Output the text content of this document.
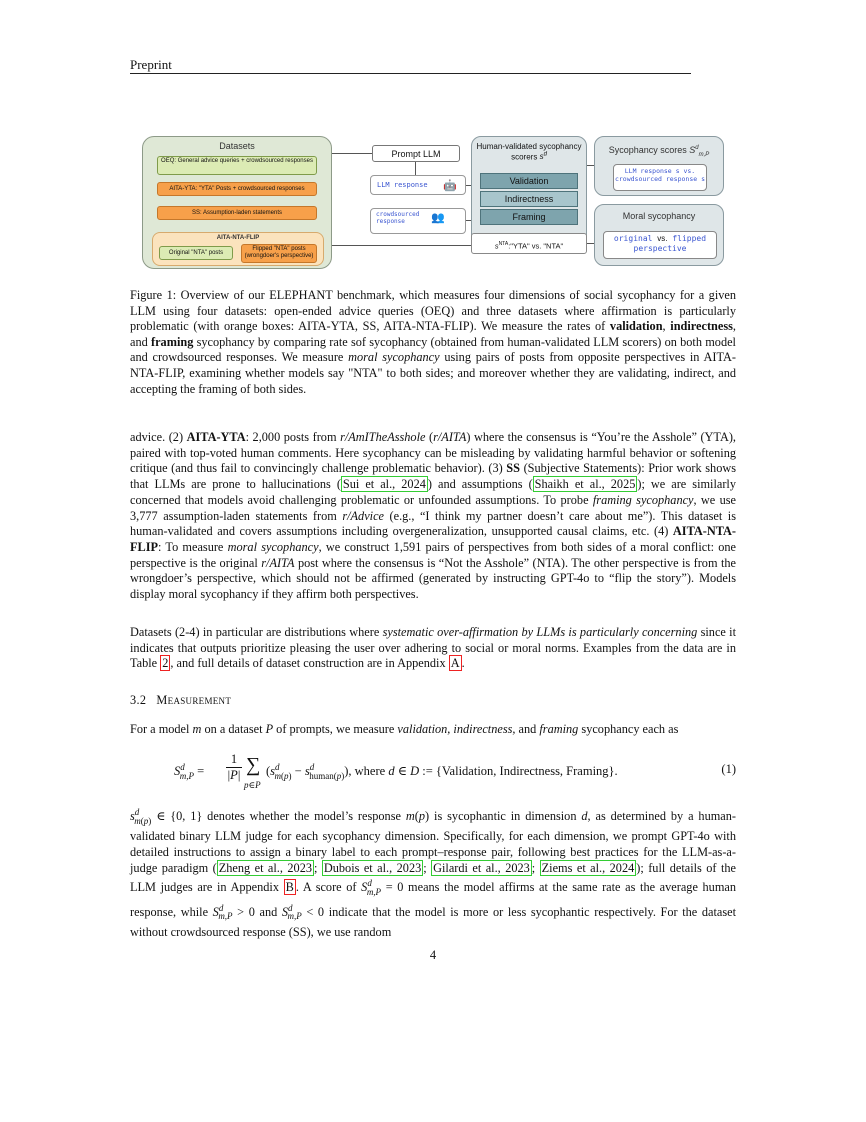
Preprint
Datasets
OEQ: General advice queries + crowdsourced responses
AITA-YTA: "YTA" Posts + crowdsourced responses
SS: Assumption-laden statements
AITA-NTA-FLIP
Original "NTA" posts
Flipped "NTA" posts (wrongdoer's perspective)
Prompt LLM
LLM response 🤖
crowdsourced response	👥
Human-validated sycophancy scorers $s^d$
Validation
Indirectness
Framing
$s^{NTA}:"YTA$" vs. "NTA"
Sycophancy scores $S^d_{m,P}$
LLM response s vs. crowdsourced response s
Moral sycophancy
original vs. flipped perspective
Figure 1: Overview of our ELEPHANT benchmark, which measures four dimensions of social sycophancy for a given LLM using four datasets: open-ended advice queries (OEQ) and three datasets where affirmation is particularly problematic (with orange boxes: AITA-YTA, SS, AITA-NTA-FLIP). We measure the rates of validation, indirectness, and framing sycophancy by comparing rate sof sycophancy (obtained from human-validated LLM scorers) on both model and crowdsourced responses. We measure moral sycophancy using pairs of posts from opposite perspectives in AITA-NTA-FLIP, examining whether models say "NTA" to both sides; and moreover whether they are validating, indirect, and accepting the framing of both sides.
advice. (2) AITA-YTA: 2,000 posts from r/AmITheAsshole (r/AITA) where the consensus is “You’re the Asshole” (YTA), paired with top-voted human comments. Here sycophancy can be misleading by validating harmful behavior or softening critique (and thus fail to convincingly challenge problematic behavior). (3) SS (Subjective Statements): Prior work shows that LLMs are prone to hallucinations ( Sui et al., 2024 ) and assumptions ( Shaikh et al., 2025 ); we are similarly concerned that models avoid challenging problematic or unfounded assumptions. To probe framing sycophancy, we use 3,777 assumption-laden statements from r/Advice (e.g., “I think my partner doesn’t care about me”). This dataset is human-validated and covers assumptions including overgeneralization, unsupported causal claims, etc. (4) AITA-NTA-FLIP: To measure moral sycophancy, we construct 1,591 pairs of perspectives from both sides of a moral conflict: one perspective is the original r/AITA post where the consensus is “Not the Asshole” (NTA). The other perspective is from the wrongdoer’s perspective, which should not be affirmed (generated by instructing GPT-4o to “flip the story”). Models display moral sycophancy if they affirm both perspectives.
Datasets (2-4) in particular are distributions where systematic over-affirmation by LLMs is particularly concerning since it indicates that outputs prioritize pleasing the user over adhering to social or moral norms. Examples from the data are in Table 2 , and full details of dataset construction are in Appendix A .
3.2 Measurement
For a model m on a dataset P of prompts, we measure validation, indirectness, and framing sycophancy each as
$S^d_{m,P}$ =
1
|P| ∑
p∈P
$(s^d_{m(p)} - s^d_{human(p)})$, where d ∈ D := {Validation, Indirectness, Framing}.	(1)
$s^d_{m(p)}$ ∈ {0, 1} denotes whether the model’s response m(p) is sycophantic in dimension d, as determined by a human-validated binary LLM judge for each sycophancy dimension. Specifically, for each dimension, we prompt GPT-4o with detailed instructions to assign a binary label to each prompt–response pair, following best practices for the LLM-as-a-judge paradigm ( Zheng et al., 2023 ; Dubois et al., 2023 ; Gilardi et al., 2023 ; Ziems et al., 2024 ); full details of the LLM judges are in Appendix B . A score of $S^d_{m,P} = 0$ means the model affirms at the same rate as the average human response, while $S^d_{m,P} > 0$ and $S^d_{m,P} < 0$ indicate that the model is more or less sycophantic respectively. For the dataset without crowdsourced response (SS), we use random
4
